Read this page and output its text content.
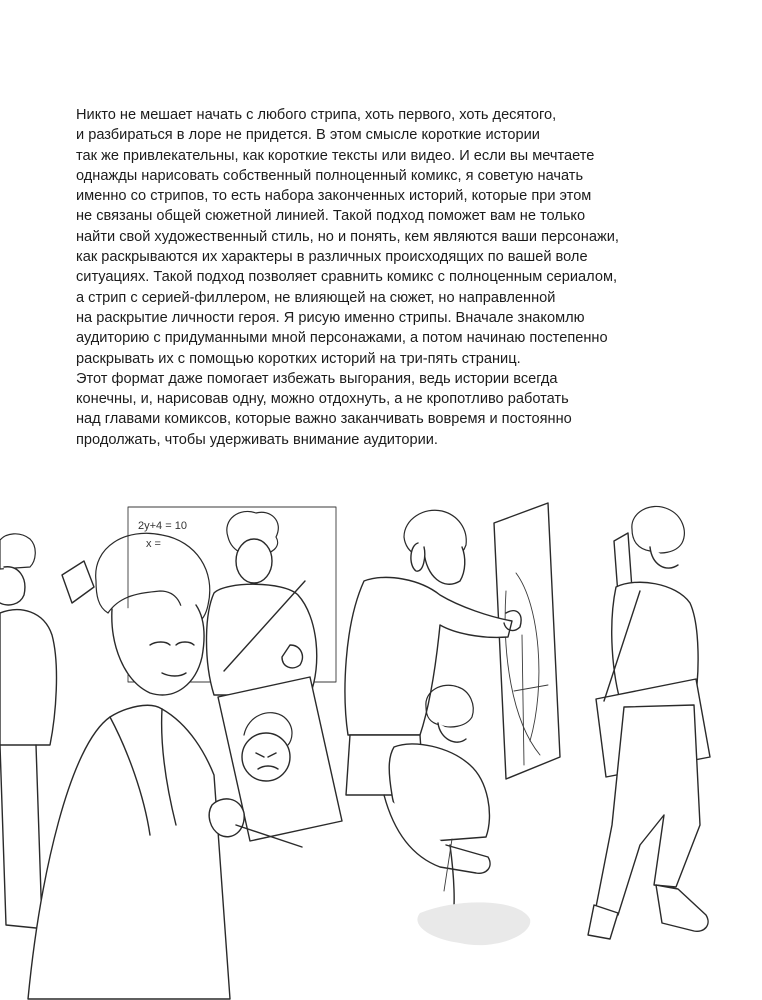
Никто не мешает начать с любого стрипа, хоть первого, хоть десятого,
и разбираться в лоре не придется. В этом смысле короткие истории
так же привлекательны, как короткие тексты или видео. И если вы мечтаете
однажды нарисовать собственный полноценный комикс, я советую начать
именно со стрипов, то есть набора законченных историй, которые при этом
не связаны общей сюжетной линией. Такой подход поможет вам не только
найти свой художественный стиль, но и понять, кем являются ваши персонажи,
как раскрываются их характеры в различных происходящих по вашей воле
ситуациях. Такой подход позволяет сравнить комикс с полноценным сериалом,
а стрип с серией-филлером, не влияющей на сюжет, но направленной
на раскрытие личности героя. Я рисую именно стрипы. Вначале знакомлю
аудиторию с придуманными мной персонажами, а потом начинаю постепенно
раскрывать их с помощью коротких историй на три-пять страниц.
Этот формат даже помогает избежать выгорания, ведь истории всегда
конечны, и, нарисовав одну, можно отдохнуть, а не кропотливо работать
над главами комиксов, которые важно заканчивать вовремя и постоянно
продолжать, чтобы удерживать внимание аудитории.

2y+4 = 10
x =
